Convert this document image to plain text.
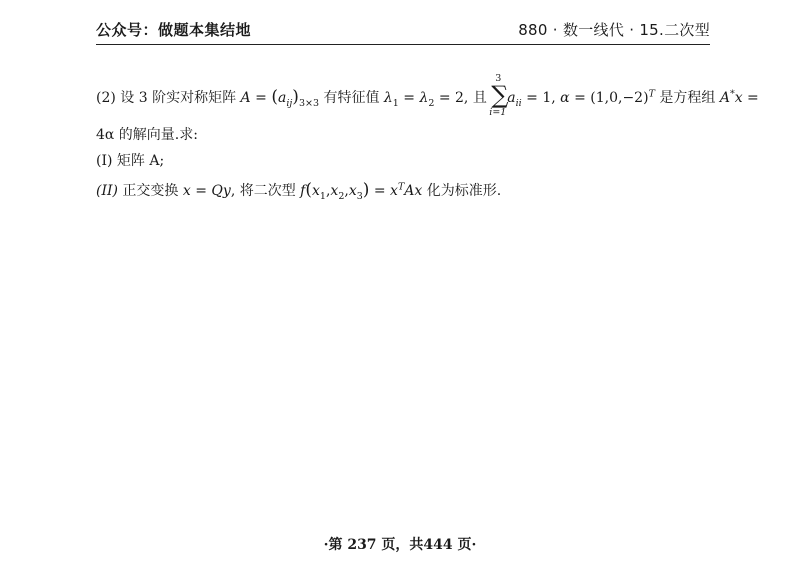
公众号：做题本集结地	880 · 数一线代 · 15.二次型
(2) 设 3 阶实对称矩阵 $A = (a_{ij})_{3\times 3}$ 有特征值 $\lambda_1 = \lambda_2 = 2$, 且
3
∑
i=1
$a_{ii} = 1$, $\alpha = (1,0,-2)^T$ 是方程组 A*x =
4α 的解向量.求:
(I) 矩阵 A;
(II) 正交变换 x = Qy, 将二次型 $f(x_1,x_2,x_3) = x^TAx$ 化为标准形.
·第 237 页，共444 页·
